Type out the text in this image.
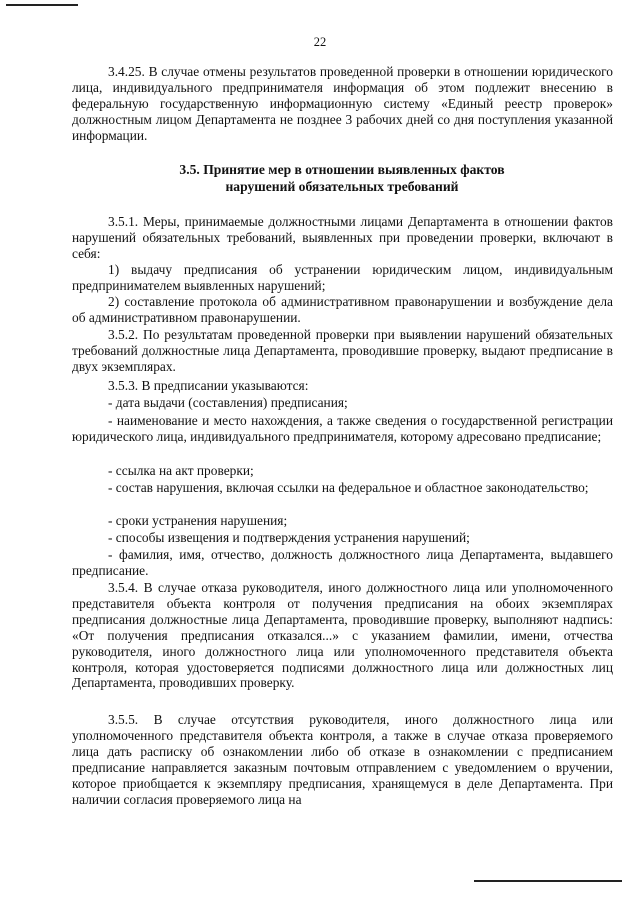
22

3.4.25. В случае отмены результатов проведенной проверки в отношении юридического лица, индивидуального предпринимателя информация об этом подлежит внесению в федеральную государственную информационную систему «Единый реестр проверок» должностным лицом Департамента не позднее 3 рабочих дней со дня поступления указанной информации.

3.5. Принятие мер в отношении выявленных фактов
нарушений обязательных требований

3.5.1. Меры, принимаемые должностными лицами Департамента в отношении фактов нарушений обязательных требований, выявленных при проведении проверки, включают в себя:

1) выдачу предписания об устранении юридическим лицом, индивидуальным предпринимателем выявленных нарушений;

2) составление протокола об административном правонарушении и возбуждение дела об административном правонарушении.

3.5.2. По результатам проведенной проверки при выявлении нарушений обязательных требований должностные лица Департамента, проводившие проверку, выдают предписание в двух экземплярах.

3.5.3. В предписании указываются:

- дата выдачи (составления) предписания;

- наименование и место нахождения, а также сведения о государственной регистрации юридического лица, индивидуального предпринимателя, которому адресовано предписание;

- ссылка на акт проверки;

- состав нарушения, включая ссылки на федеральное и областное законодательство;

- сроки устранения нарушения;

- способы извещения и подтверждения устранения нарушений;

- фамилия, имя, отчество, должность должностного лица Департамента, выдавшего предписание.

3.5.4. В случае отказа руководителя, иного должностного лица или уполномоченного представителя объекта контроля от получения предписания на обоих экземплярах предписания должностные лица Департамента, проводившие проверку, выполняют надпись: «От получения предписания отказался...» с указанием фамилии, имени, отчества руководителя, иного должностного лица или уполномоченного представителя объекта контроля, которая удостоверяется подписями должностного лица или должностных лиц Департамента, проводивших проверку.

3.5.5. В случае отсутствия руководителя, иного должностного лица или уполномоченного представителя объекта контроля, а также в случае отказа проверяемого лица дать расписку об ознакомлении либо об отказе в ознакомлении с предписанием предписание направляется заказным почтовым отправлением с уведомлением о вручении, которое приобщается к экземпляру предписания, хранящемуся в деле Департамента. При наличии согласия проверяемого лица на
